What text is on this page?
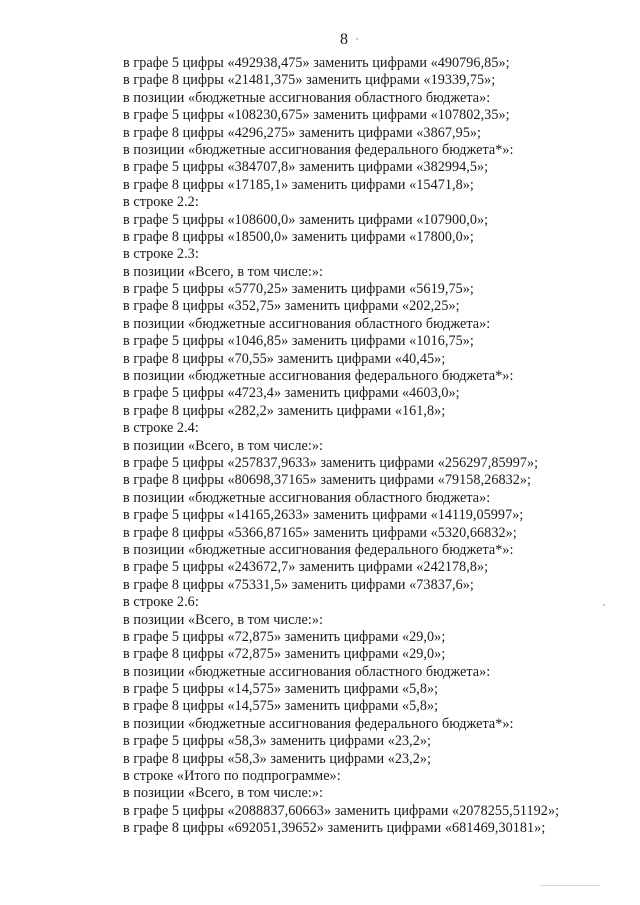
8
в графе 5 цифры «492938,475» заменить цифрами «490796,85»;
в графе 8 цифры «21481,375» заменить цифрами «19339,75»;
в позиции «бюджетные ассигнования областного бюджета»:
в графе 5 цифры «108230,675» заменить цифрами «107802,35»;
в графе 8 цифры «4296,275» заменить цифрами «3867,95»;
в позиции «бюджетные ассигнования федерального бюджета*»:
в графе 5 цифры «384707,8» заменить цифрами «382994,5»;
в графе 8 цифры «17185,1» заменить цифрами «15471,8»;
в строке 2.2:
в графе 5 цифры «108600,0» заменить цифрами «107900,0»;
в графе 8 цифры «18500,0» заменить цифрами «17800,0»;
в строке 2.3:
в позиции «Всего, в том числе:»:
в графе 5 цифры «5770,25» заменить цифрами «5619,75»;
в графе 8 цифры «352,75» заменить цифрами «202,25»;
в позиции «бюджетные ассигнования областного бюджета»:
в графе 5 цифры «1046,85» заменить цифрами «1016,75»;
в графе 8 цифры «70,55» заменить цифрами «40,45»;
в позиции «бюджетные ассигнования федерального бюджета*»:
в графе 5 цифры «4723,4» заменить цифрами «4603,0»;
в графе 8 цифры «282,2» заменить цифрами «161,8»;
в строке 2.4:
в позиции «Всего, в том числе:»:
в графе 5 цифры «257837,9633» заменить цифрами «256297,85997»;
в графе 8 цифры «80698,37165» заменить цифрами «79158,26832»;
в позиции «бюджетные ассигнования областного бюджета»:
в графе 5 цифры «14165,2633» заменить цифрами «14119,05997»;
в графе 8 цифры «5366,87165» заменить цифрами «5320,66832»;
в позиции «бюджетные ассигнования федерального бюджета*»:
в графе 5 цифры «243672,7» заменить цифрами «242178,8»;
в графе 8 цифры «75331,5» заменить цифрами «73837,6»;
в строке 2.6:
в позиции «Всего, в том числе:»:
в графе 5 цифры «72,875» заменить цифрами «29,0»;
в графе 8 цифры «72,875» заменить цифрами «29,0»;
в позиции «бюджетные ассигнования областного бюджета»:
в графе 5 цифры «14,575» заменить цифрами «5,8»;
в графе 8 цифры «14,575» заменить цифрами «5,8»;
в позиции «бюджетные ассигнования федерального бюджета*»:
в графе 5 цифры «58,3» заменить цифрами «23,2»;
в графе 8 цифры «58,3» заменить цифрами «23,2»;
в строке «Итого по подпрограмме»:
в позиции «Всего, в том числе:»:
в графе 5 цифры «2088837,60663» заменить цифрами «2078255,51192»;
в графе 8 цифры «692051,39652» заменить цифрами «681469,30181»;
